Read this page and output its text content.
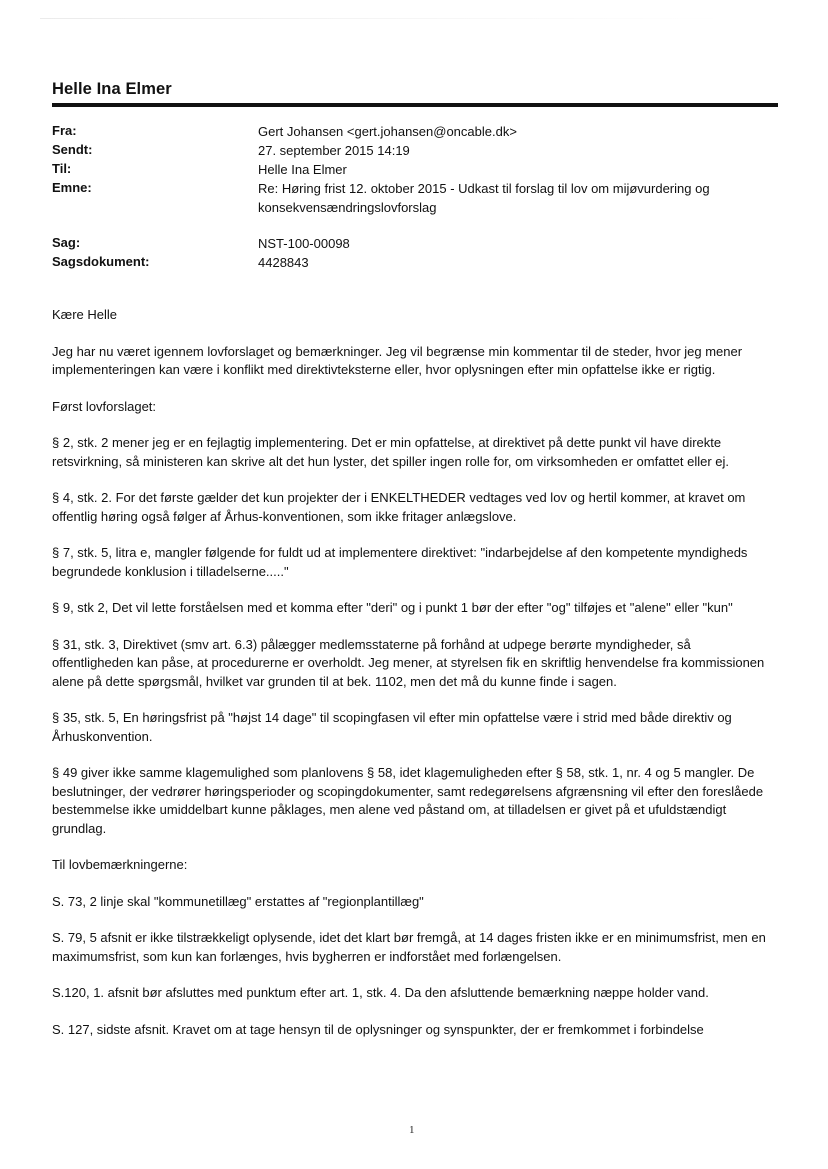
Helle Ina Elmer
Fra:	Gert Johansen <gert.johansen@oncable.dk>
Sendt:	27. september 2015 14:19
Til:	Helle Ina Elmer
Emne:	Re: Høring frist 12. oktober 2015 - Udkast til forslag til lov om mijøvurdering og konsekvensændringslovforslag
Sag:	NST-100-00098
Sagsdokument:	4428843

Kære Helle

Jeg har nu været igennem lovforslaget og bemærkninger. Jeg vil begrænse min kommentar til de steder, hvor jeg mener implementeringen kan være i konflikt med direktivteksterne eller, hvor oplysningen efter min opfattelse ikke er rigtig.

Først lovforslaget:

§ 2, stk. 2 mener jeg er en fejlagtig implementering. Det er min opfattelse, at direktivet på dette punkt vil have direkte retsvirkning, så ministeren kan skrive alt det hun lyster, det spiller ingen rolle for, om virksomheden er omfattet eller ej.

§ 4, stk. 2. For det første gælder det kun projekter der i ENKELTHEDER vedtages ved lov og hertil kommer, at kravet om offentlig høring også følger af Århus-konventionen, som ikke fritager anlægslove.

§ 7, stk. 5, litra e, mangler følgende for fuldt ud at implementere direktivet: "indarbejdelse af den kompetente myndigheds begrundede konklusion i tilladelserne....."

§ 9, stk 2, Det vil lette forståelsen med et komma efter "deri" og i punkt 1 bør der efter "og" tilføjes et "alene" eller "kun"

§ 31, stk. 3, Direktivet (smv art. 6.3) pålægger medlemsstaterne på forhånd at udpege berørte myndigheder, så offentligheden kan påse, at procedurerne er overholdt. Jeg mener, at styrelsen fik en skriftlig henvendelse fra kommissionen alene på dette spørgsmål, hvilket var grunden til at bek. 1102, men det må du kunne finde i sagen.

§ 35, stk. 5, En høringsfrist på "højst 14 dage" til scopingfasen vil efter min opfattelse være i strid med både direktiv og Århuskonvention.

§ 49 giver ikke samme klagemulighed som planlovens § 58, idet klagemuligheden efter § 58, stk. 1, nr. 4 og 5 mangler. De beslutninger, der vedrører høringsperioder og scopingdokumenter, samt redegørelsens afgrænsning vil efter den foreslåede bestemmelse ikke umiddelbart kunne påklages, men alene ved påstand om, at tilladelsen er givet på et ufuldstændigt grundlag.

Til lovbemærkningerne:

S. 73, 2 linje skal "kommunetillæg" erstattes af "regionplantillæg"

S. 79, 5 afsnit er ikke tilstrækkeligt oplysende, idet det klart bør fremgå, at 14 dages fristen ikke er en minimumsfrist, men en maximumsfrist, som kun kan forlænges, hvis bygherren er indforstået med forlængelsen.

S.120, 1. afsnit bør afsluttes med punktum efter art. 1, stk. 4. Da den afsluttende bemærkning næppe holder vand.

S. 127, sidste afsnit. Kravet om at tage hensyn til de oplysninger og synspunkter, der er fremkommet i forbindelse

1
